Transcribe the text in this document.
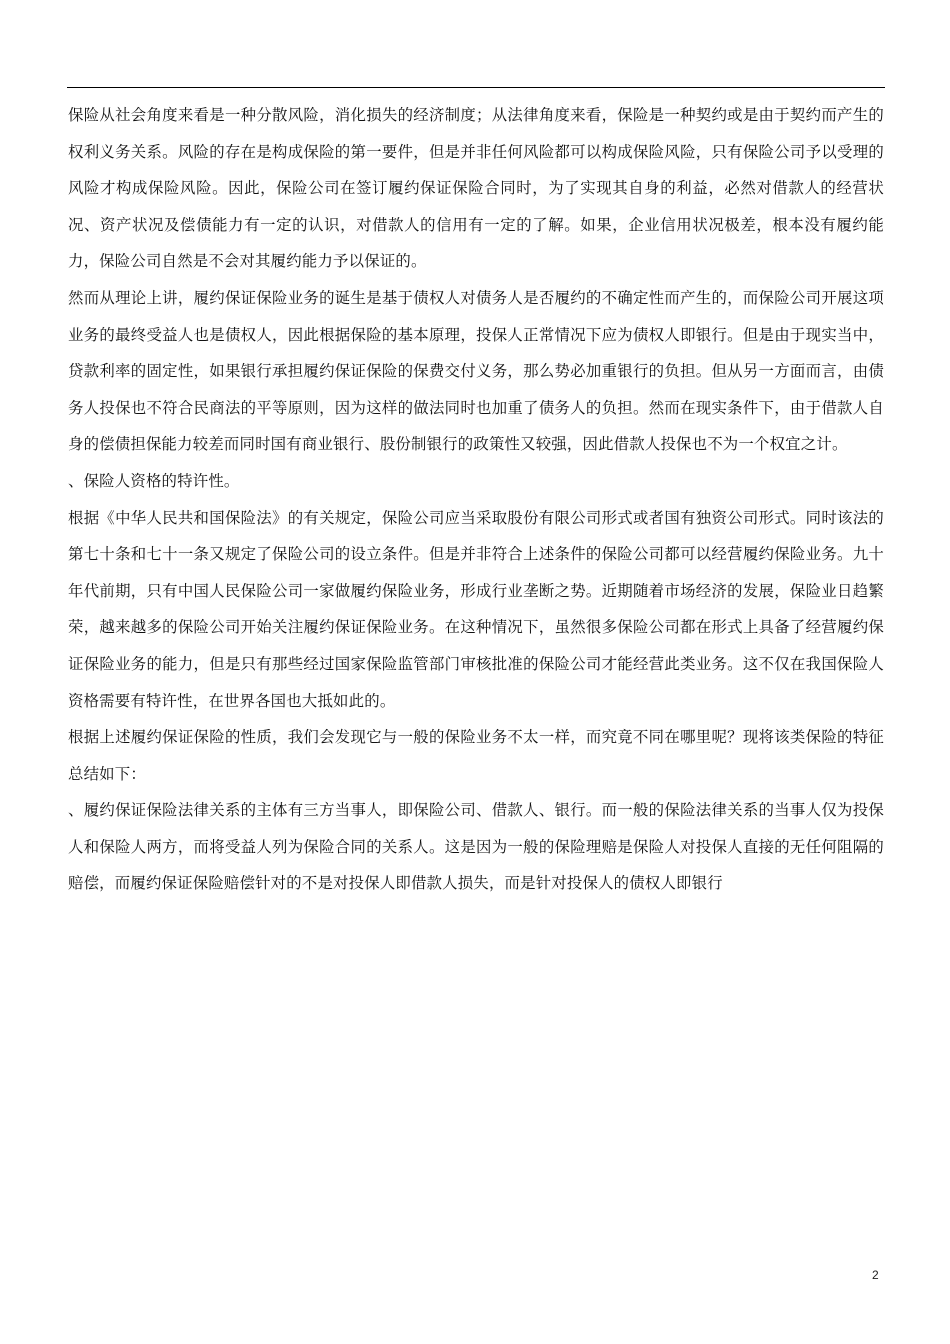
保险从社会角度来看是一种分散风险，消化损失的经济制度；从法律角度来看，保险是一种契约或是由于契约而产生的权利义务关系。风险的存在是构成保险的第一要件，但是并非任何风险都可以构成保险风险，只有保险公司予以受理的风险才构成保险风险。因此，保险公司在签订履约保证保险合同时，为了实现其自身的利益，必然对借款人的经营状况、资产状况及偿债能力有一定的认识，对借款人的信用有一定的了解。如果，企业信用状况极差，根本没有履约能力，保险公司自然是不会对其履约能力予以保证的。

然而从理论上讲，履约保证保险业务的诞生是基于债权人对债务人是否履约的不确定性而产生的，而保险公司开展这项业务的最终受益人也是债权人，因此根据保险的基本原理，投保人正常情况下应为债权人即银行。但是由于现实当中，贷款利率的固定性，如果银行承担履约保证保险的保费交付义务，那么势必加重银行的负担。但从另一方面而言，由债务人投保也不符合民商法的平等原则，因为这样的做法同时也加重了债务人的负担。然而在现实条件下，由于借款人自身的偿债担保能力较差而同时国有商业银行、股份制银行的政策性又较强，因此借款人投保也不为一个权宜之计。

、保险人资格的特许性。

根据《中华人民共和国保险法》的有关规定，保险公司应当采取股份有限公司形式或者国有独资公司形式。同时该法的第七十条和七十一条又规定了保险公司的设立条件。但是并非符合上述条件的保险公司都可以经营履约保险业务。九十年代前期，只有中国人民保险公司一家做履约保险业务，形成行业垄断之势。近期随着市场经济的发展，保险业日趋繁荣，越来越多的保险公司开始关注履约保证保险业务。在这种情况下，虽然很多保险公司都在形式上具备了经营履约保证保险业务的能力，但是只有那些经过国家保险监管部门审核批准的保险公司才能经营此类业务。这不仅在我国保险人资格需要有特许性，在世界各国也大抵如此的。

根据上述履约保证保险的性质，我们会发现它与一般的保险业务不太一样，而究竟不同在哪里呢？现将该类保险的特征总结如下：

、履约保证保险法律关系的主体有三方当事人，即保险公司、借款人、银行。而一般的保险法律关系的当事人仅为投保人和保险人两方，而将受益人列为保险合同的关系人。这是因为一般的保险理赔是保险人对投保人直接的无任何阻隔的赔偿，而履约保证保险赔偿针对的不是对投保人即借款人损失，而是针对投保人的债权人即银行

2
